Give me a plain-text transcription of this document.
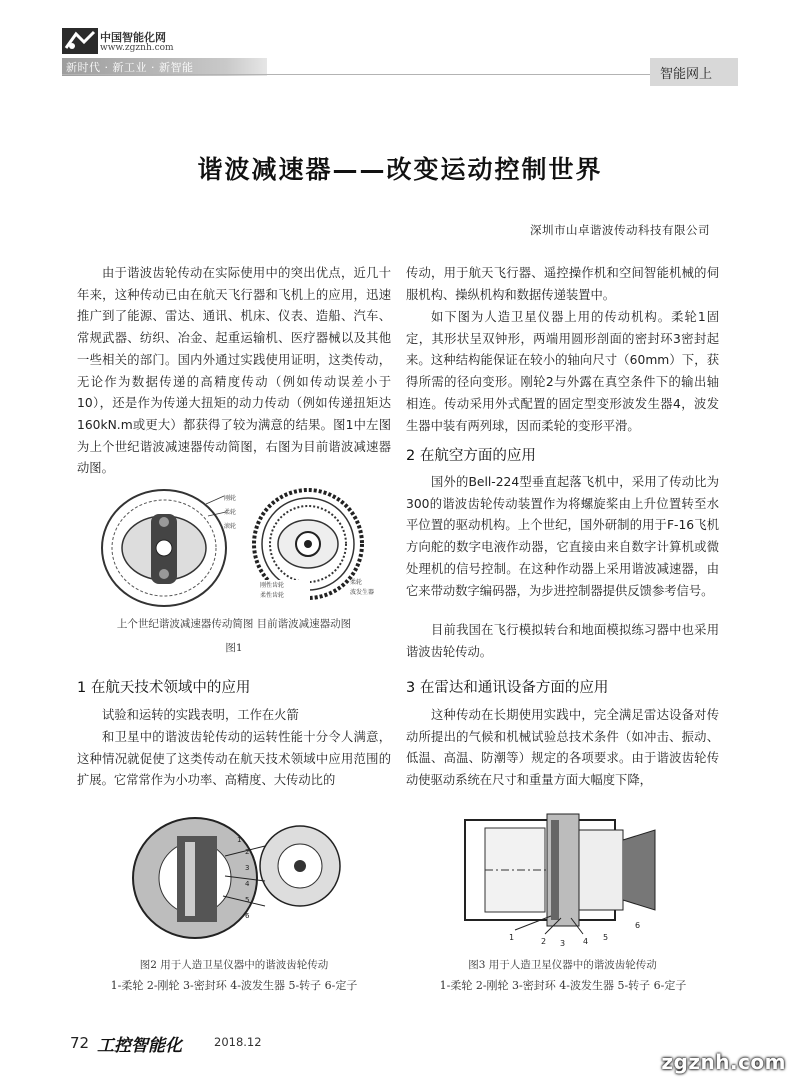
中国智能化网
www.zgznh.com
新时代 · 新工业 · 新智能	智能网上
谐波减速器——改变运动控制世界
深圳市山卓谐波传动科技有限公司

由于谐波齿轮传动在实际使用中的突出优点，近几十年来，这种传动已由在航天飞行器和飞机上的应用，迅速推广到了能源、雷达、通讯、机床、仪表、造船、汽车、常规武器、纺织、冶金、起重运输机、医疗器械以及其他一些相关的部门。国内外通过实践使用证明，这类传动，无论作为数据传递的高精度传动（例如传动误差小于10），还是作为传递大扭矩的动力传动（例如传递扭矩达160kN.m或更大）都获得了较为满意的结果。图1中左图为上个世纪谐波减速器传动简图，右图为目前谐波减速器动图。

刚轮
柔轮
滚轮
刚性齿轮
柔性齿轮
柔轮
波发生器
上个世纪谐波减速器传动简图 目前谐波减速器动图
图1
1 在航天技术领域中的应用

试验和运转的实践表明，工作在火箭

和卫星中的谐波齿轮传动的运转性能十分令人满意，这种情况就促使了这类传动在航天技术领域中应用范围的扩展。它常常作为小功率、高精度、大传动比的

1
2
3
4
5
6
图2 用于人造卫星仪器中的谐波齿轮传动
1-柔轮 2-刚轮 3-密封环 4-波发生器 5-转子 6-定子

传动，用于航天飞行器、遥控操作机和空间智能机械的伺服机构、操纵机构和数据传递装置中。

如下图为人造卫星仪器上用的传动机构。柔轮1固定，其形状呈双钟形，两端用圆形剖面的密封环3密封起来。这种结构能保证在较小的轴向尺寸（60mm）下，获得所需的径向变形。刚轮2与外露在真空条件下的输出轴相连。传动采用外式配置的固定型变形波发生器4，波发生器中装有两列球，因而柔轮的变形平滑。

2 在航空方面的应用

国外的Bell-224型垂直起落飞机中，采用了传动比为300的谐波齿轮传动装置作为将螺旋桨由上升位置转至水平位置的驱动机构。上个世纪，国外研制的用于F-16飞机方向舵的数字电液作动器，它直接由来自数字计算机或微处理机的信号控制。在这种作动器上采用谐波减速器，由它来带动数字编码器，为步进控制器提供反馈参考信号。

目前我国在飞行模拟转台和地面模拟练习器中也采用谐波齿轮传动。

3 在雷达和通讯设备方面的应用

这种传动在长期使用实践中，完全满足雷达设备对传动所提出的气候和机械试验总技术条件（如冲击、振动、低温、高温、防潮等）规定的各项要求。由于谐波齿轮传动使驱动系统在尺寸和重量方面大幅度下降，

1	2 3 4 5
6
图3 用于人造卫星仪器中的谐波齿轮传动
1-柔轮 2-刚轮 3-密封环 4-波发生器 5-转子 6-定子
72 工控智能化	2018.12
zgznh.com
